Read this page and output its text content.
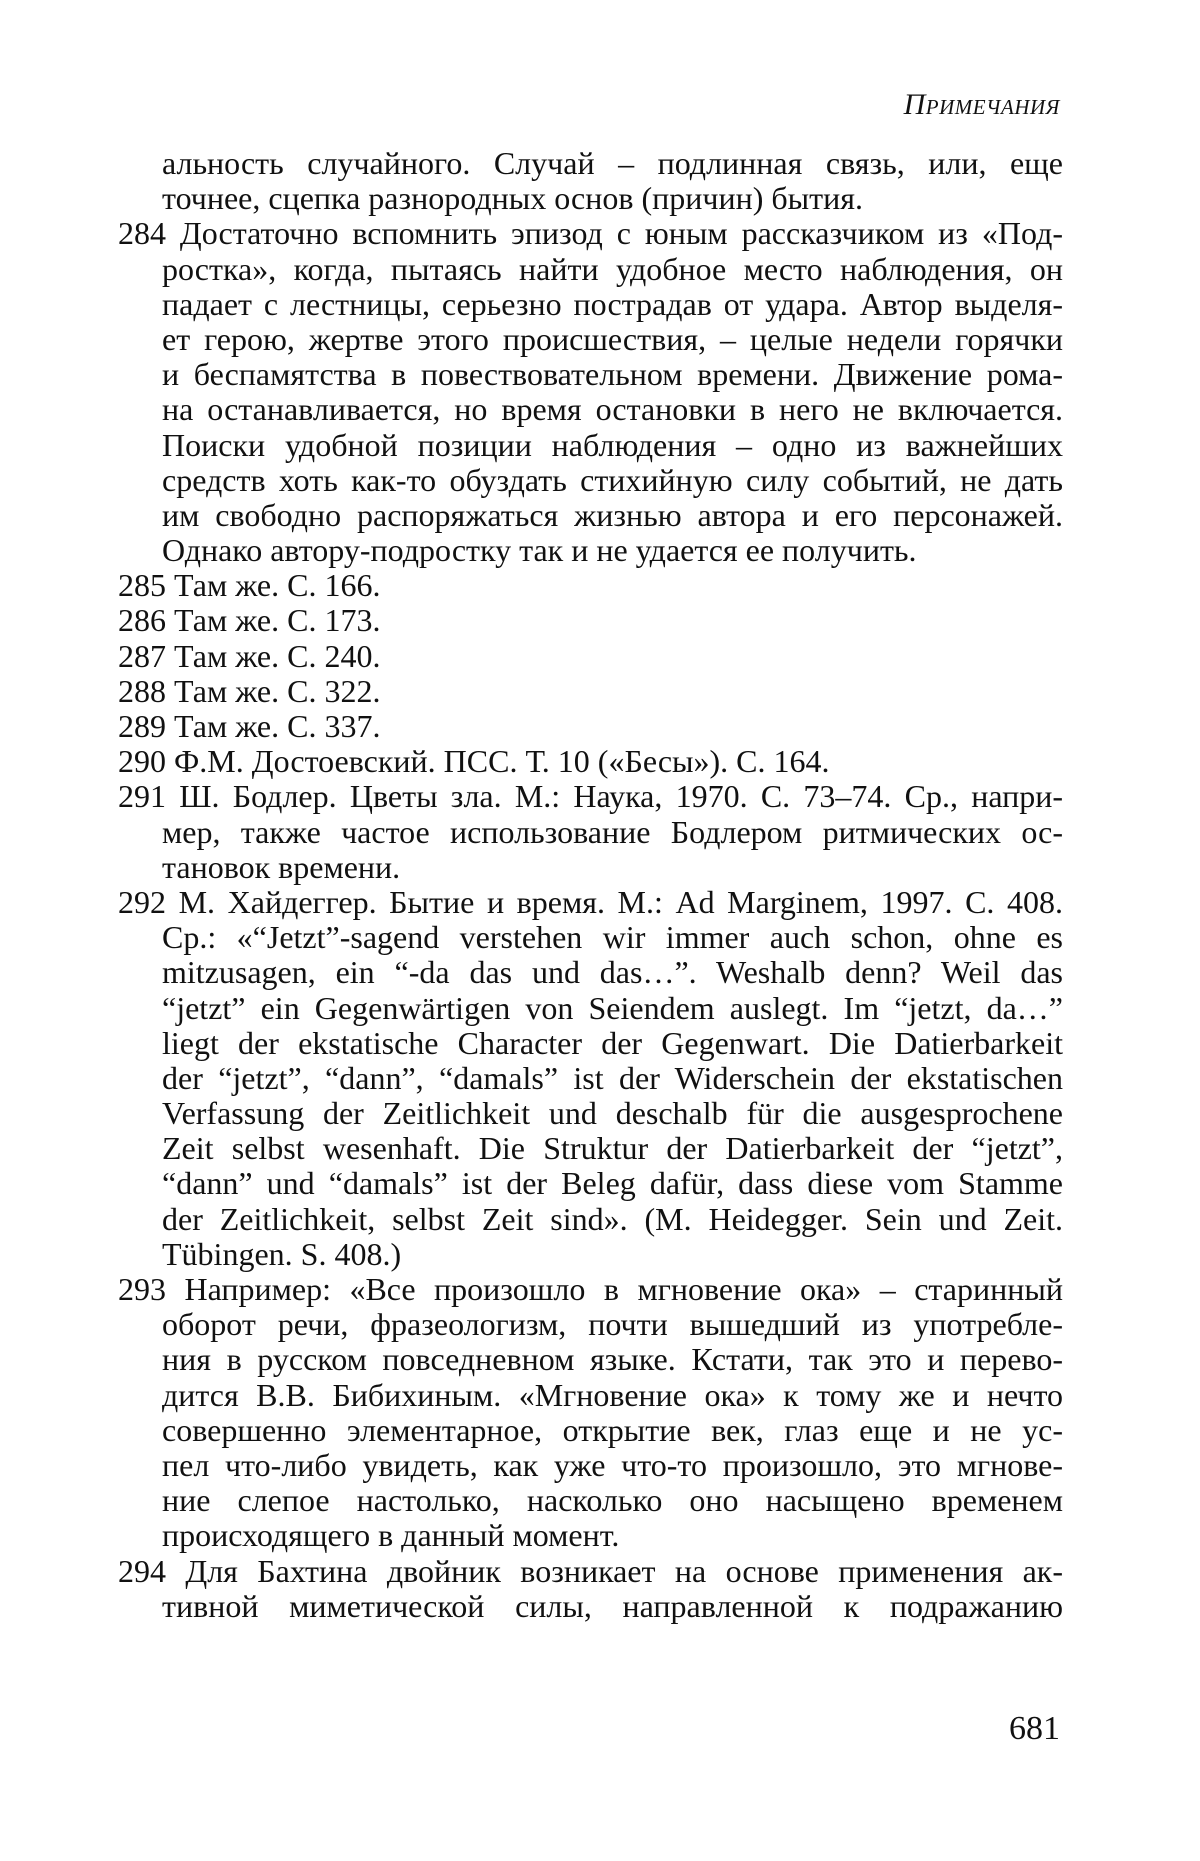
Примечания
альность случайного. Случай – подлинная связь, или, еще
точнее, сцепка разнородных основ (причин) бытия.
284 Достаточно вспомнить эпизод с юным рассказчиком из «Под-
ростка», когда, пытаясь найти удобное место наблюдения, он
падает с лестницы, серьезно пострадав от удара. Автор выделя-
ет герою, жертве этого происшествия, – целые недели горячки
и беспамятства в повествовательном времени. Движение рома-
на останавливается, но время остановки в него не включается.
Поиски удобной позиции наблюдения – одно из важнейших
средств хоть как-то обуздать стихийную силу событий, не дать
им свободно распоряжаться жизнью автора и его персонажей.
Однако автору-подростку так и не удается ее получить.
285 Там же. С. 166.
286 Там же. С. 173.
287 Там же. С. 240.
288 Там же. С. 322.
289 Там же. С. 337.
290 Ф.М. Достоевский. ПСС. Т. 10 («Бесы»). С. 164.
291 Ш. Бодлер. Цветы зла. М.: Наука, 1970. С. 73–74. Ср., напри-
мер, также частое использование Бодлером ритмических ос-
тановок времени.
292 М. Хайдеггер. Бытие и время. М.: Ad Marginem, 1997. С. 408.
Ср.: «“Jetzt”-sagend verstehen wir immer auch schon, ohne es
mitzusagen, ein “-da das und das…”. Weshalb denn? Weil das
“jetzt” ein Gegenwärtigen von Seiendem auslegt. Im “jetzt, da…”
liegt der ekstatische Character der Gegenwart. Die Datierbarkeit
der “jetzt”, “dann”, “damals” ist der Widerschein der ekstatischen
Verfassung der Zeitlichkeit und deschalb für die ausgesprochene
Zeit selbst wesenhaft. Die Struktur der Datierbarkeit der “jetzt”,
“dann” und “damals” ist der Beleg dafür, dass diese vom Stamme
der Zeitlichkeit, selbst Zeit sind». (M. Heidegger. Sein und Zeit.
Tübingen. S. 408.)
293 Например: «Все произошло в мгновение ока» – старинный
оборот речи, фразеологизм, почти вышедший из употребле-
ния в русском повседневном языке. Кстати, так это и перево-
дится В.В. Бибихиным. «Мгновение ока» к тому же и нечто
совершенно элементарное, открытие век, глаз еще и не ус-
пел что-либо увидеть, как уже что-то произошло, это мгнове-
ние слепое настолько, насколько оно насыщено временем
происходящего в данный момент.
294 Для Бахтина двойник возникает на основе применения ак-
тивной миметической силы, направленной к подражанию
681
